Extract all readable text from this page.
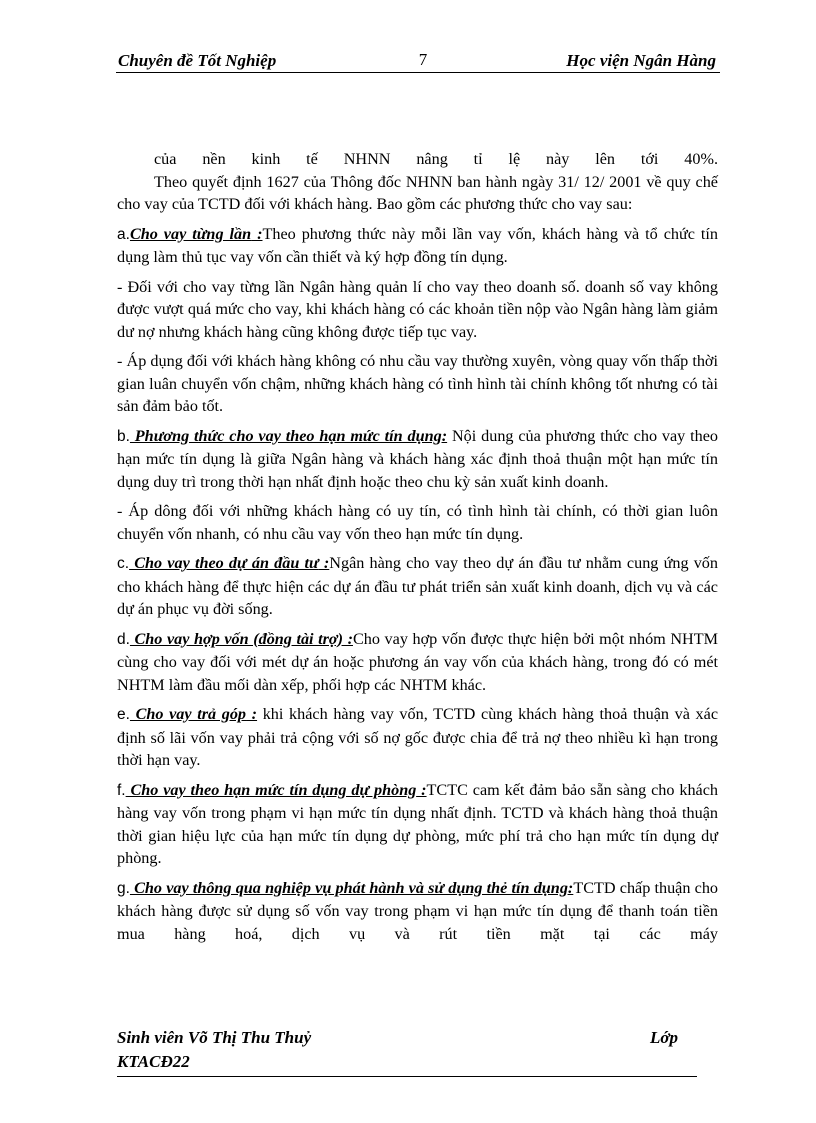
Chuyên đề Tốt Nghiệp	7	Học viện Ngân Hàng

của nền kinh tế NHNN nâng tỉ lệ này lên tới 40%.

Theo quyết định 1627 của Thông đốc NHNN ban hành ngày 31/ 12/ 2001 về quy chế cho vay của TCTD đối với khách hàng. Bao gồm các phương thức cho vay sau:

a.Cho vay từng lần :Theo phương thức này mỗi lần vay vốn, khách hàng và tổ chức tín dụng làm thủ tục vay vốn cần thiết và ký hợp đồng tín dụng.

- Đối với cho vay từng lần Ngân hàng quản lí cho vay theo doanh số. doanh số vay không được vượt quá mức cho vay, khi khách hàng có các khoản tiền nộp vào Ngân hàng làm giảm dư nợ nhưng khách hàng cũng không được tiếp tục vay.

- Áp dụng đối với khách hàng không có nhu cầu vay thường xuyên, vòng quay vốn thấp thời gian luân chuyển vốn chậm, những khách hàng có tình hình tài chính không tốt nhưng có tài sản đảm bảo tốt.

b. Phương thức cho vay theo hạn mức tín dụng: Nội dung của phương thức cho vay theo hạn mức tín dụng là giữa Ngân hàng và khách hàng xác định thoả thuận một hạn mức tín dụng duy trì trong thời hạn nhất định hoặc theo chu kỳ sản xuất kinh doanh.

- Áp dông đối với những khách hàng có uy tín, có tình hình tài chính, có thời gian luôn chuyển vốn nhanh, có nhu cầu vay vốn theo hạn mức tín dụng.

c. Cho vay theo dự án đầu tư :Ngân hàng cho vay theo dự án đầu tư nhằm cung ứng vốn cho khách hàng để thực hiện các dự án đầu tư phát triển sản xuất kinh doanh, dịch vụ và các dự án phục vụ đời sống.

d. Cho vay hợp vốn (đồng tài trợ) :Cho vay hợp vốn được thực hiện bởi một nhóm NHTM cùng cho vay đối với mét dự án hoặc phương án vay vốn của khách hàng, trong đó có mét NHTM làm đầu mối dàn xếp, phối hợp các NHTM khác.

e. Cho vay trả góp : khi khách hàng vay vốn, TCTD cùng khách hàng thoả thuận và xác định số lãi vốn vay phải trả cộng với số nợ gốc được chia để trả nợ theo nhiều kì hạn trong thời hạn vay.

f. Cho vay theo hạn mức tín dụng dự phòng :TCTC cam kết đảm bảo sẵn sàng cho khách hàng vay vốn trong phạm vi hạn mức tín dụng nhất định. TCTD và khách hàng thoả thuận thời gian hiệu lực của hạn mức tín dụng dự phòng, mức phí trả cho hạn mức tín dụng dự phòng.

g. Cho vay thông qua nghiệp vụ phát hành và sử dụng thẻ tín dụng:TCTD chấp thuận cho khách hàng được sử dụng số vốn vay trong phạm vi hạn mức tín dụng để thanh toán tiền mua hàng hoá, dịch vụ và rút tiền mặt tại các máy

Sinh viên Võ Thị Thu Thuỷ	Lớp
KTACĐ22
